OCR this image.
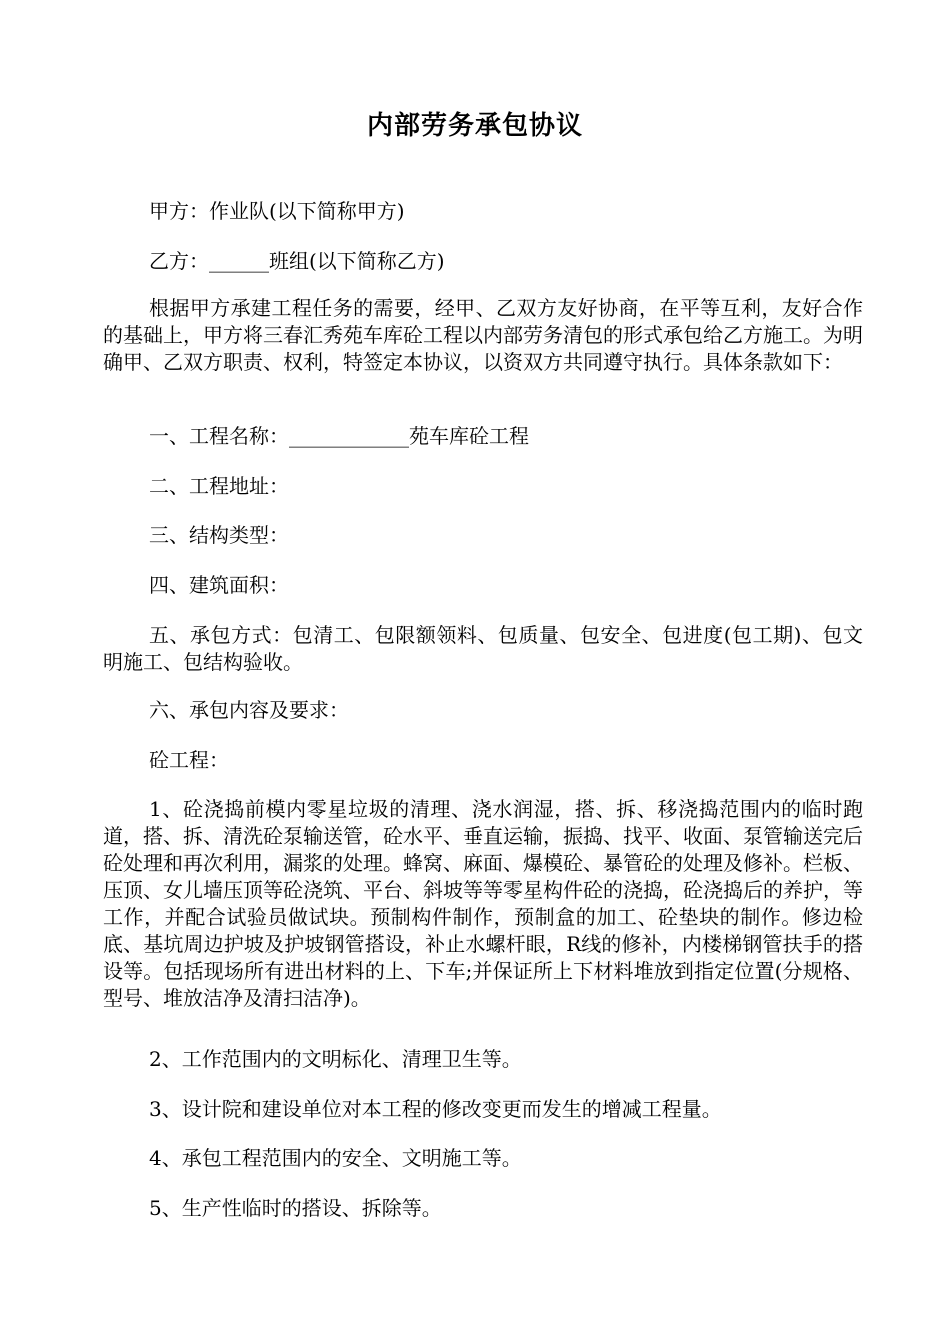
内部劳务承包协议

甲方：作业队(以下简称甲方)

乙方：______班组(以下简称乙方)

根据甲方承建工程任务的需要，经甲、乙双方友好协商，在平等互利，友好合作的基础上，甲方将三春汇秀苑车库砼工程以内部劳务清包的形式承包给乙方施工。为明确甲、乙双方职责、权利，特签定本协议，以资双方共同遵守执行。具体条款如下：

一、工程名称：____________苑车库砼工程

二、工程地址：

三、结构类型：

四、建筑面积：

五、承包方式：包清工、包限额领料、包质量、包安全、包进度(包工期)、包文明施工、包结构验收。

六、承包内容及要求：

砼工程：

1、砼浇捣前模内零星垃圾的清理、浇水润湿，搭、拆、移浇捣范围内的临时跑道，搭、拆、清洗砼泵输送管，砼水平、垂直运输，振捣、找平、收面、泵管输送完后砼处理和再次利用，漏浆的处理。蜂窝、麻面、爆模砼、暴管砼的处理及修补。栏板、压顶、女儿墙压顶等砼浇筑、平台、斜坡等等零星构件砼的浇捣，砼浇捣后的养护，等工作，并配合试验员做试块。预制构件制作，预制盒的加工、砼垫块的制作。修边检底、基坑周边护坡及护坡钢管搭设，补止水螺杆眼，R线的修补，内楼梯钢管扶手的搭设等。包括现场所有进出材料的上、下车;并保证所上下材料堆放到指定位置(分规格、型号、堆放洁净及清扫洁净)。

2、工作范围内的文明标化、清理卫生等。

3、设计院和建设单位对本工程的修改变更而发生的增减工程量。

4、承包工程范围内的安全、文明施工等。

5、生产性临时的搭设、拆除等。
